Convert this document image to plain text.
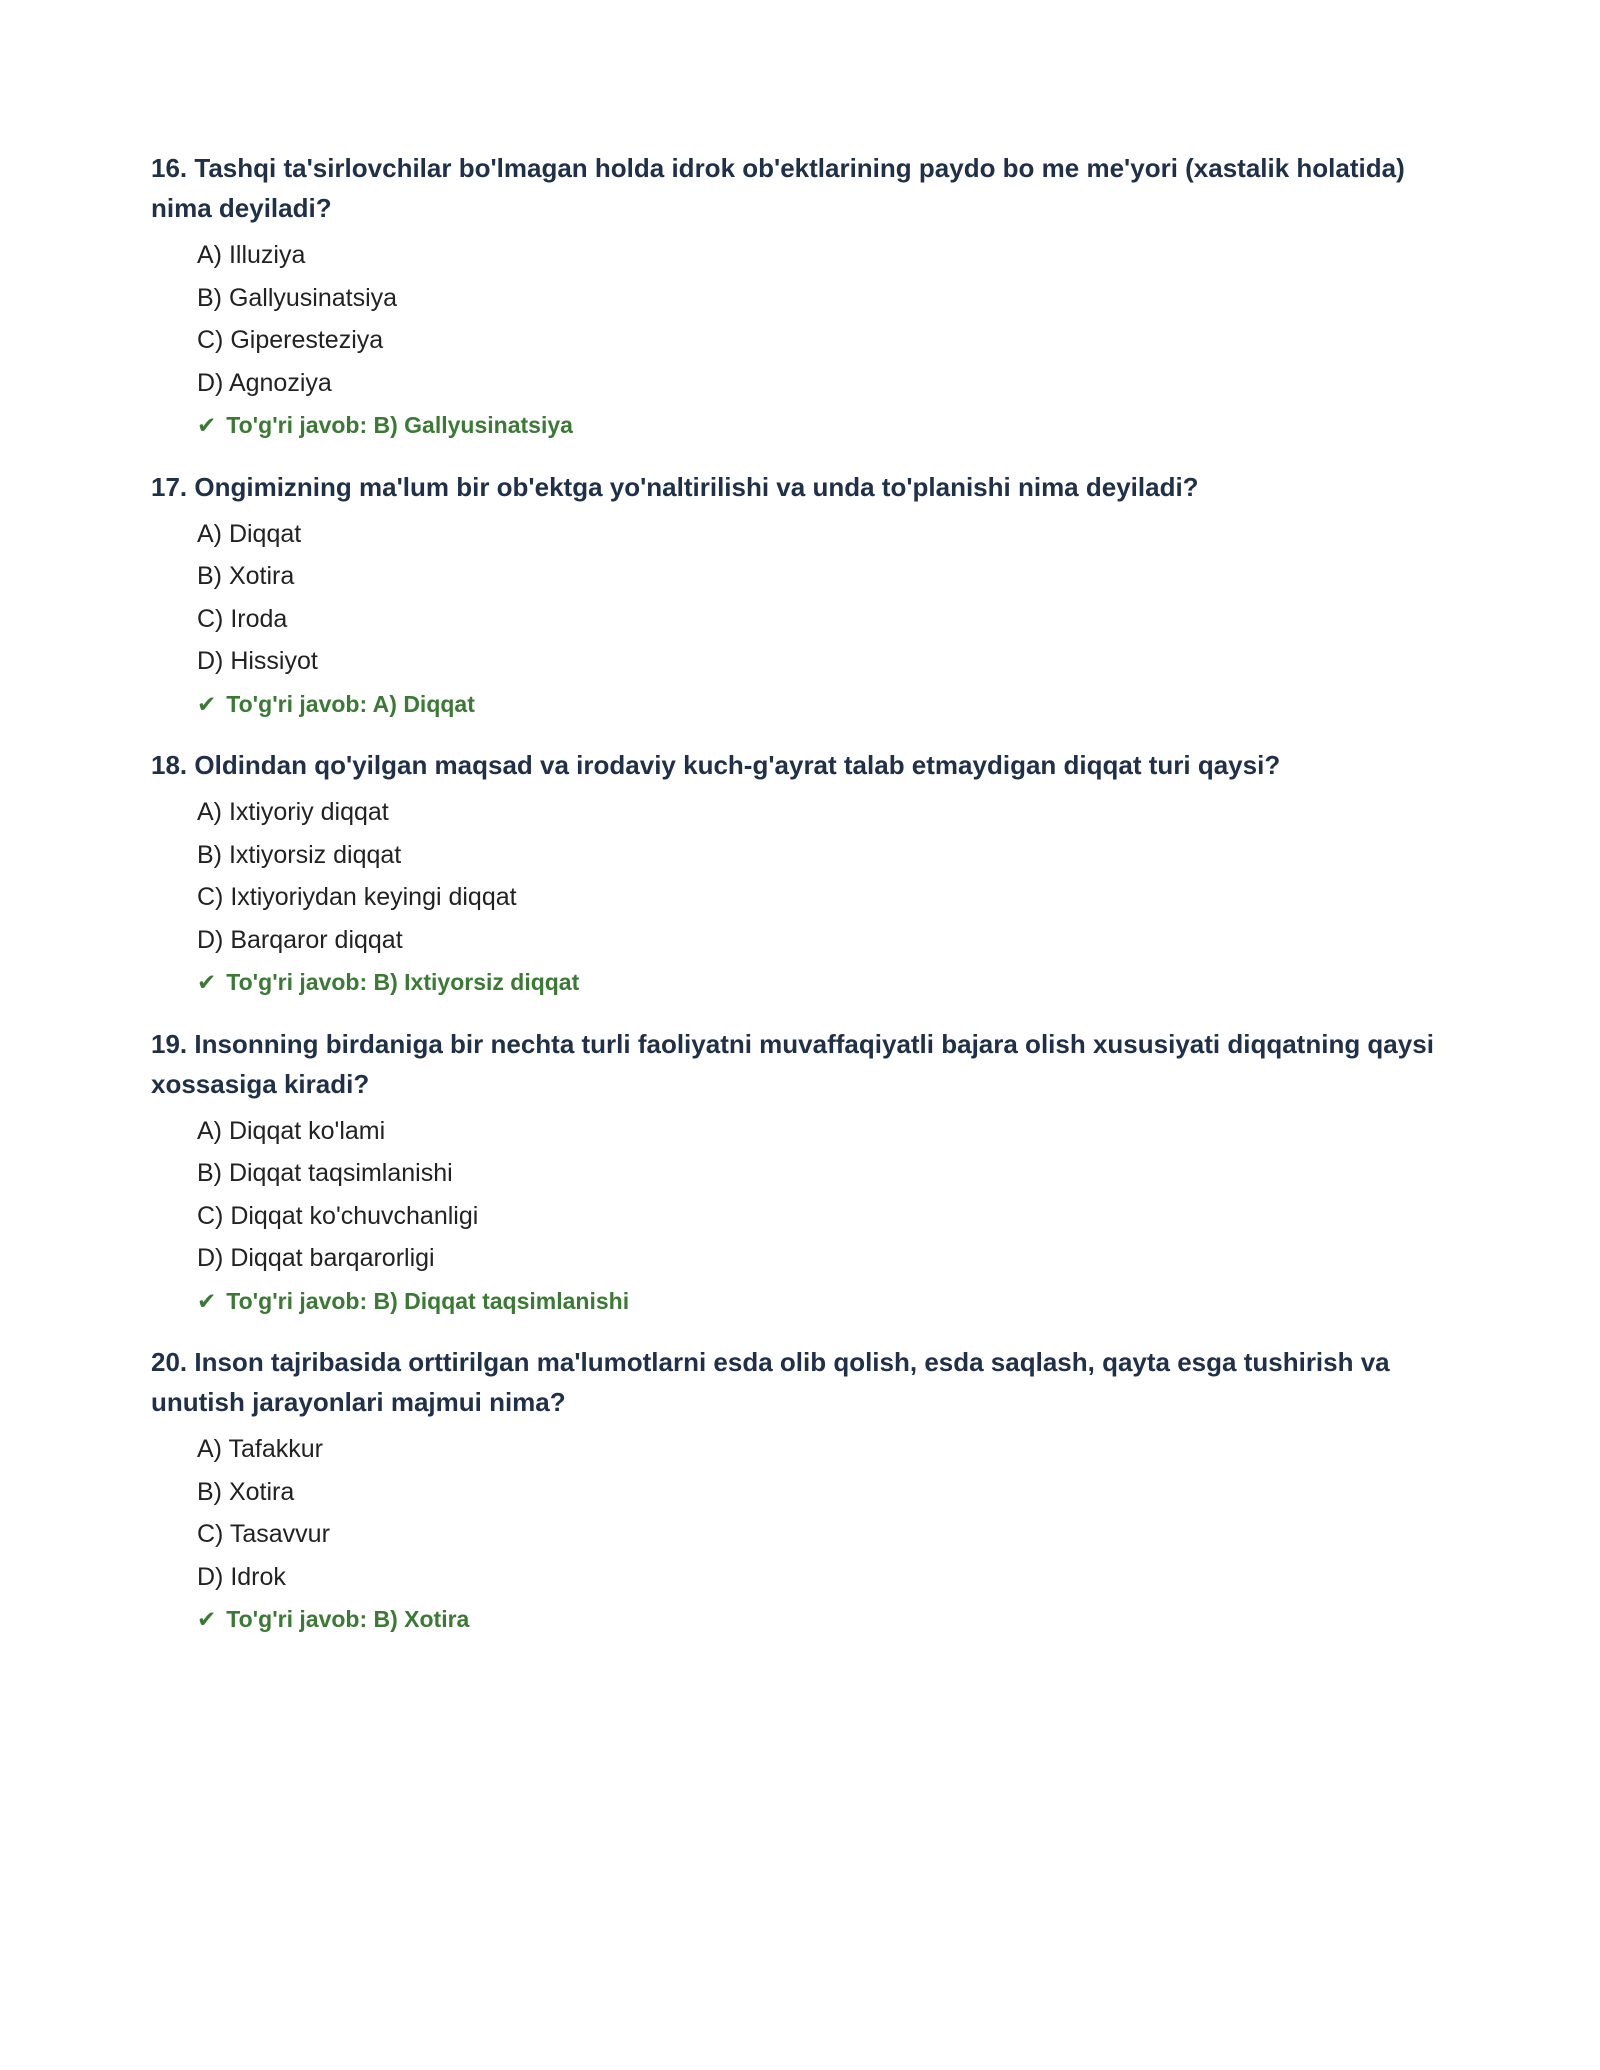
16. Tashqi ta'sirlovchilar bo'lmagan holda idrok ob'ektlarining paydo bo me me'yori (xastalik holatida) nima deyiladi?

A) Illuziya
B) Gallyusinatsiya
C) Giperesteziya
D) Agnoziya
✔ To'g'ri javob: B) Gallyusinatsiya

17. Ongimizning ma'lum bir ob'ektga yo'naltirilishi va unda to'planishi nima deyiladi?

A) Diqqat
B) Xotira
C) Iroda
D) Hissiyot
✔ To'g'ri javob: A) Diqqat

18. Oldindan qo'yilgan maqsad va irodaviy kuch-g'ayrat talab etmaydigan diqqat turi qaysi?

A) Ixtiyoriy diqqat
B) Ixtiyorsiz diqqat
C) Ixtiyoriydan keyingi diqqat
D) Barqaror diqqat
✔ To'g'ri javob: B) Ixtiyorsiz diqqat

19. Insonning birdaniga bir nechta turli faoliyatni muvaffaqiyatli bajara olish xususiyati diqqatning qaysi xossasiga kiradi?

A) Diqqat ko'lami
B) Diqqat taqsimlanishi
C) Diqqat ko'chuvchanligi
D) Diqqat barqarorligi
✔ To'g'ri javob: B) Diqqat taqsimlanishi

20. Inson tajribasida orttirilgan ma'lumotlarni esda olib qolish, esda saqlash, qayta esga tushirish va unutish jarayonlari majmui nima?

A) Tafakkur
B) Xotira
C) Tasavvur
D) Idrok
✔ To'g'ri javob: B) Xotira
